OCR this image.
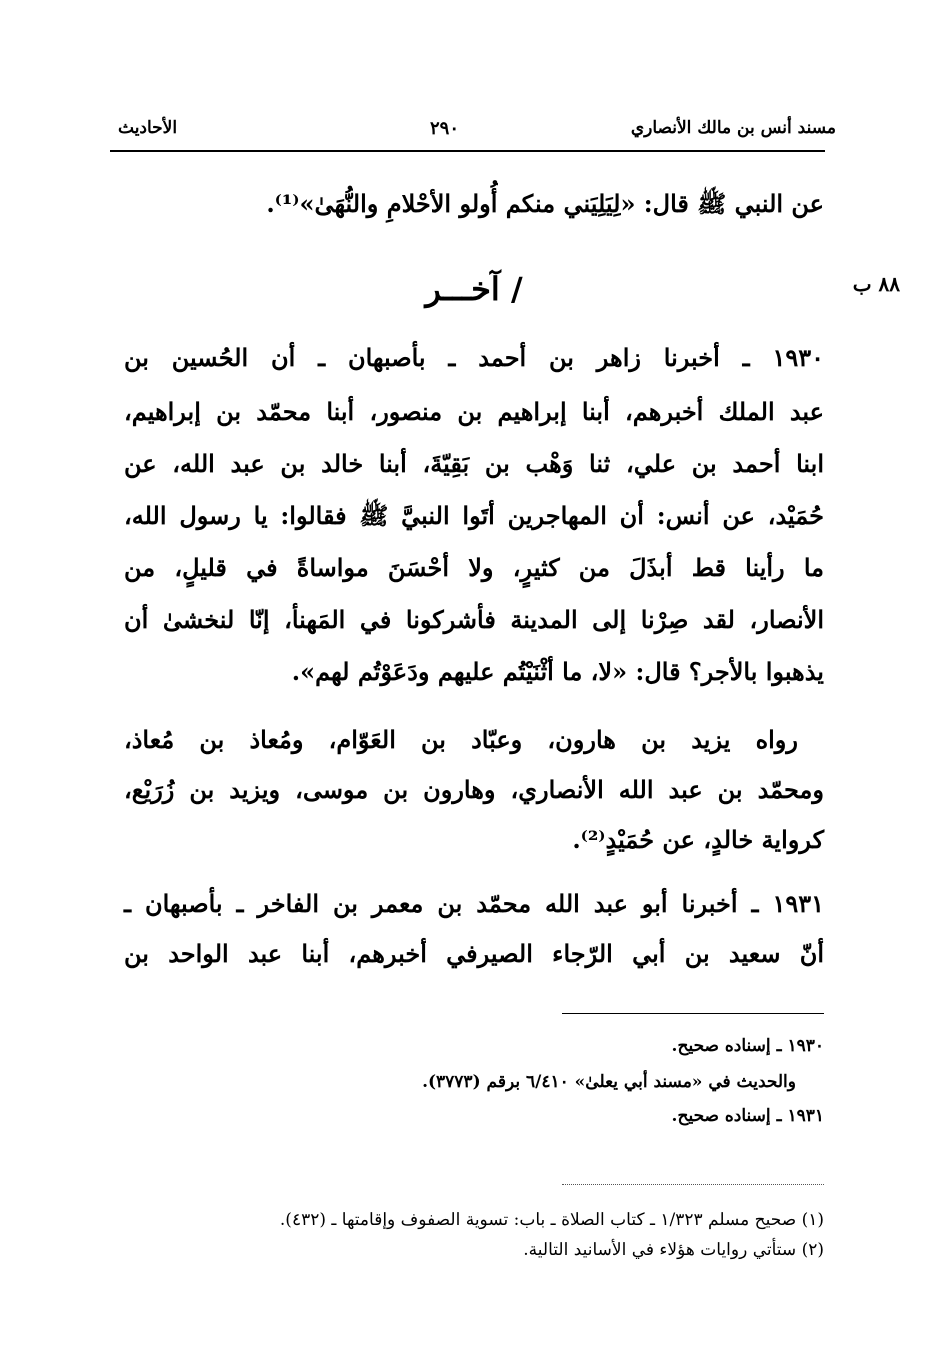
مسند أنس بن مالك الأنصاري
٢٩٠
الأحاديث
عن النبي ﷺ قال: «لِيَلِيَني منكم أُولو الأحْلامِ والنُّهَىٰ»⁽¹⁾.
/ آخـــر	٨٨ ب
١٩٣٠ ـ أخبرنا زاهر بن أحمد ـ بأصبهان ـ أن الحُسين بن
عبد الملك أخبرهم، أبنا إبراهيم بن منصور، أبنا محمّد بن إبراهيم،
ابنا أحمد بن علي، ثنا وَهْب بن بَقِيّةَ، أبنا خالد بن عبد الله، عن
حُمَيْد، عن أنس: أن المهاجرين أتَوا النبيَّ ﷺ فقالوا: يا رسول الله،
ما رأينا قط أبذَلَ من كثيرٍ، ولا أحْسَنَ مواساةً في قليلٍ، من
الأنصار، لقد صِرْنا إلى المدينة فأشركونا في المَهنأ، إنّا لنخشىٰ أن
يذهبوا بالأجر؟ قال: «لا، ما أثْنَيْتُم عليهم ودَعَوْتُم لهم».
رواه يزيد بن هارون، وعبّاد بن العَوّام، ومُعاذ بن مُعاذ،
ومحمّد بن عبد الله الأنصاري، وهارون بن موسى، ويزيد بن زُرَيْع،
كرواية خالدٍ، عن حُمَيْدٍ⁽²⁾.
١٩٣١ ـ أخبرنا أبو عبد الله محمّد بن معمر بن الفاخر ـ بأصبهان ـ
أنّ سعيد بن أبي الرّجاء الصيرفي أخبرهم، أبنا عبد الواحد بن
١٩٣٠ ـ إسناده صحيح.
والحديث في «مسند أبي يعلىٰ» ٦/٤١٠ برقم (٣٧٧٣).
١٩٣١ ـ إسناده صحيح.
(١) صحيح مسلم ١/٣٢٣ ـ كتاب الصلاة ـ باب: تسوية الصفوف وإقامتها ـ (٤٣٢).
(٢) ستأتي روايات هؤلاء في الأسانيد التالية.
